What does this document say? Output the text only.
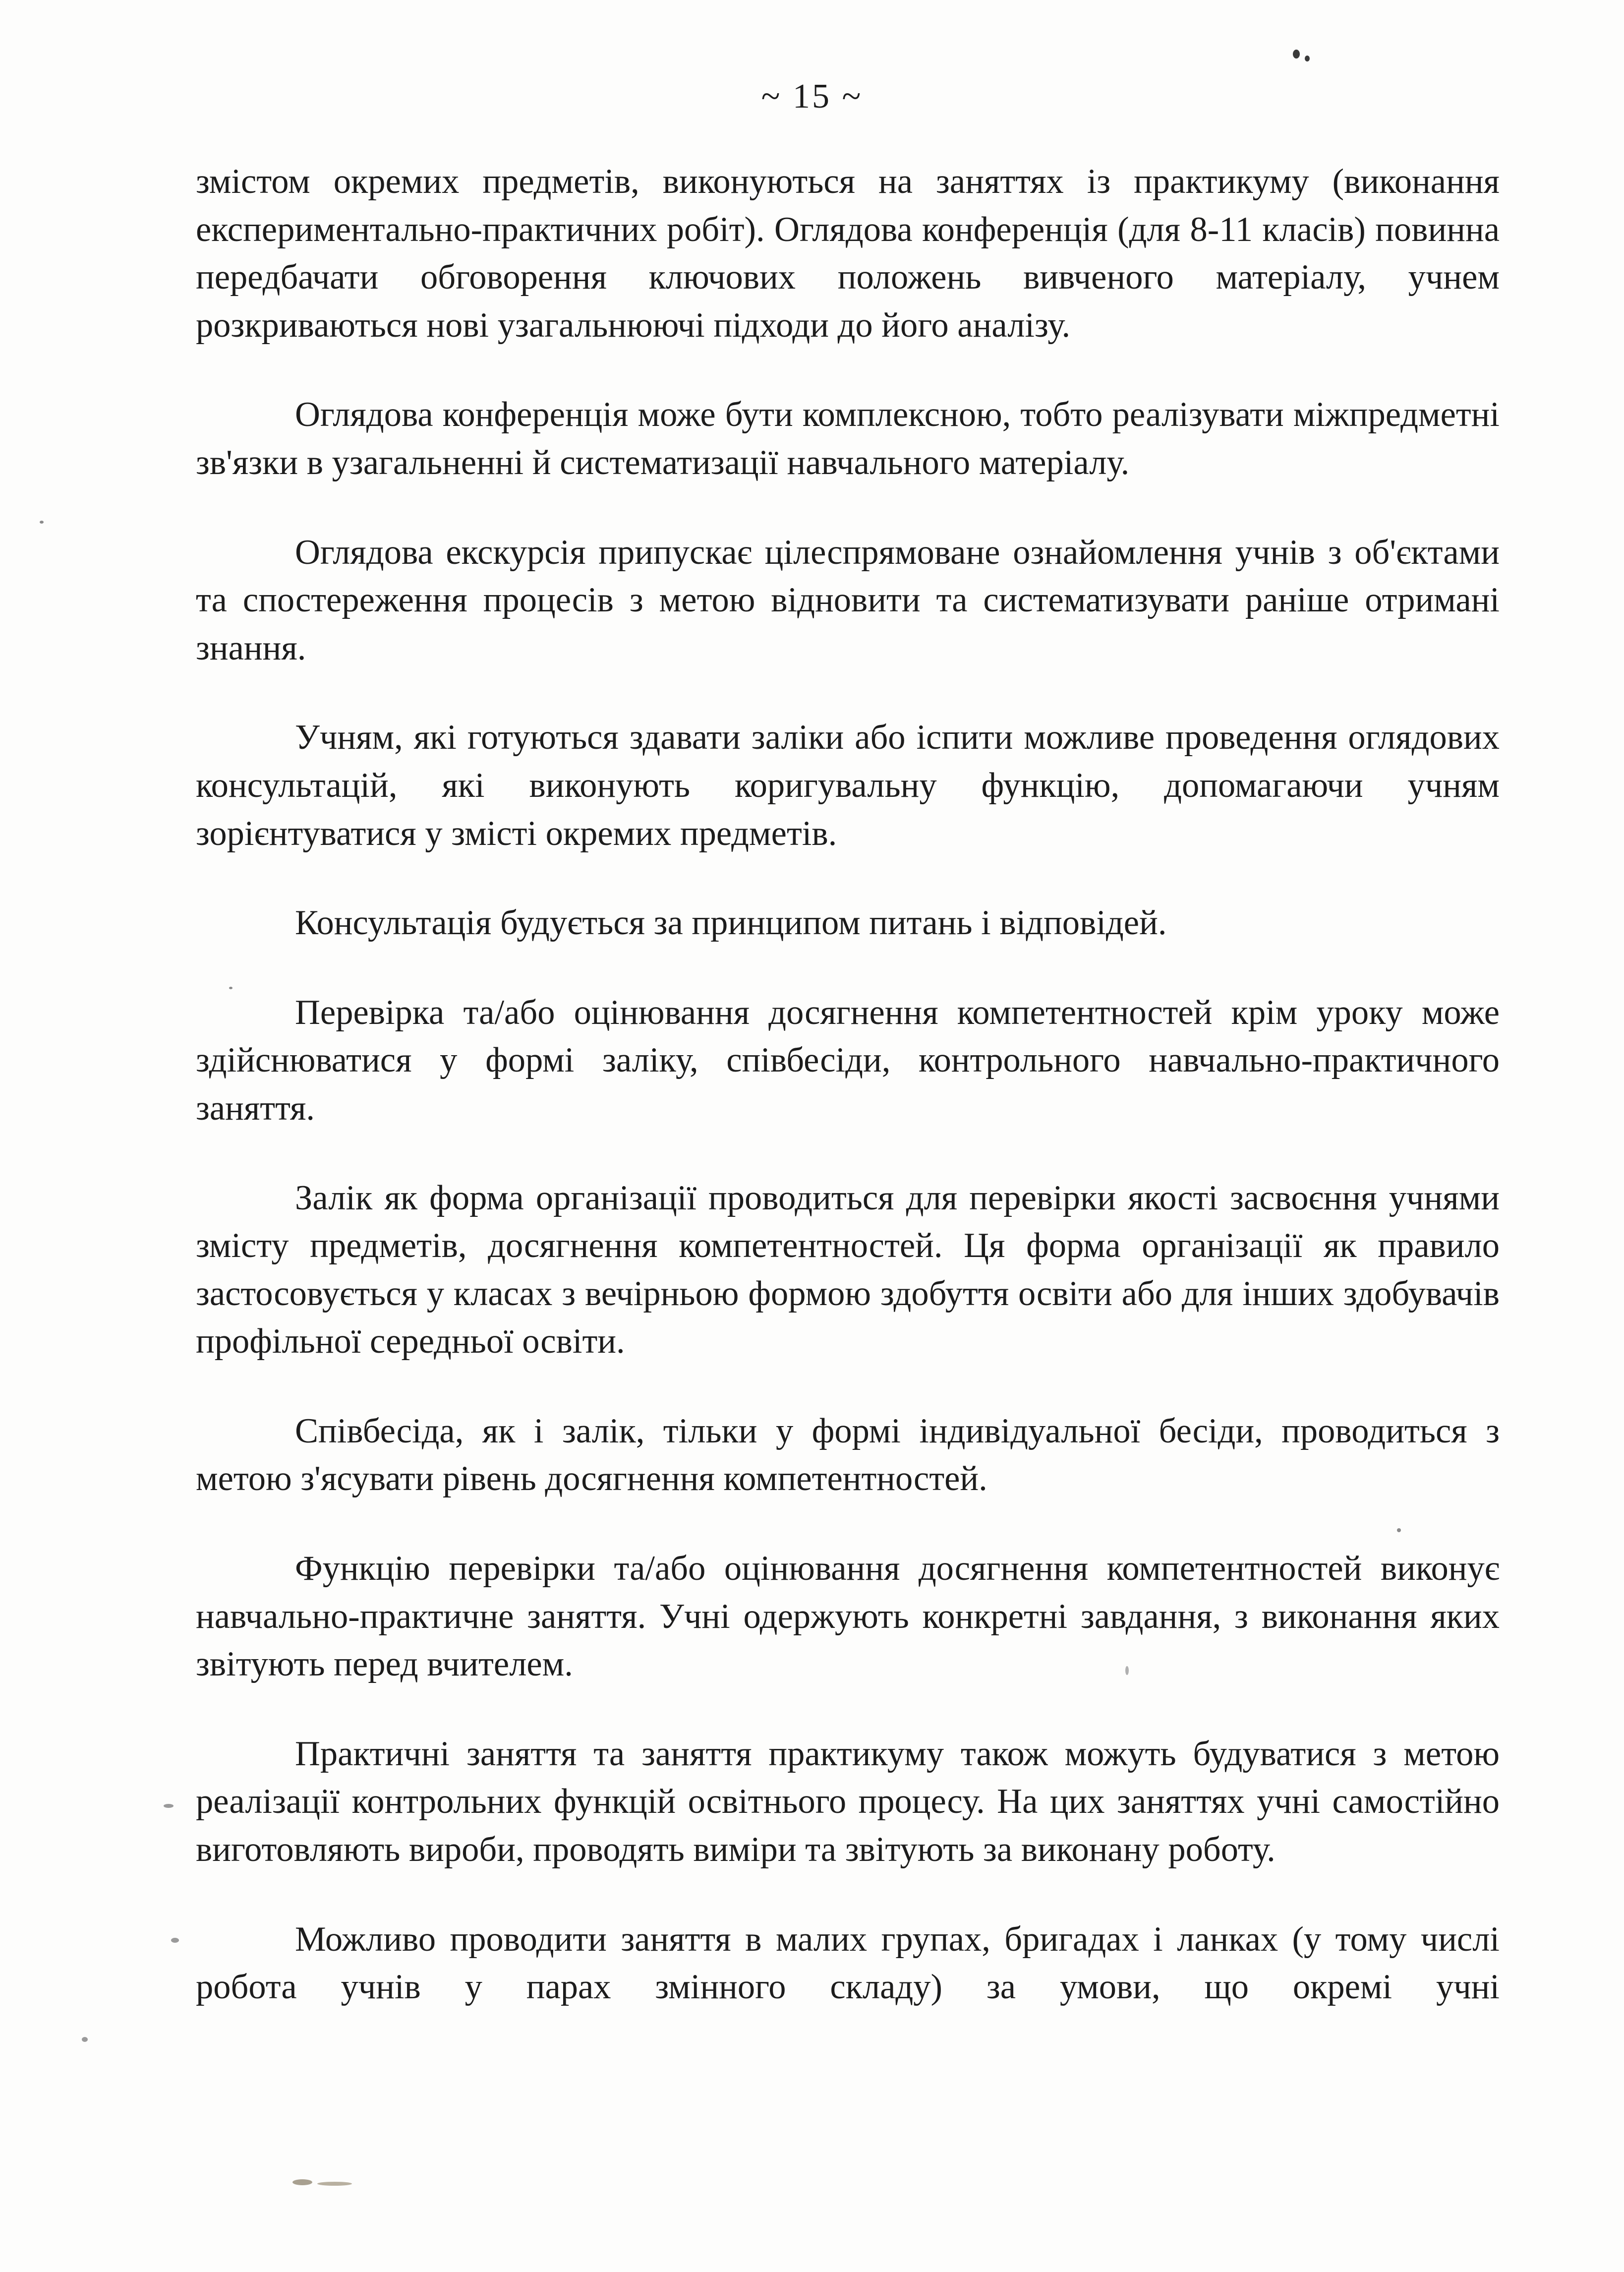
~ 15 ~

змістом окремих предметів, виконуються на заняттях із практикуму (виконання експериментально-практичних робіт). Оглядова конференція (для 8-11 класів) повинна передбачати обговорення ключових положень вивченого матеріалу, учнем розкриваються нові узагальнюючі підходи до його аналізу.

Оглядова конференція може бути комплексною, тобто реалізувати міжпредметні зв'язки в узагальненні й систематизації навчального матеріалу.

Оглядова екскурсія припускає цілеспрямоване ознайомлення учнів з об'єктами та спостереження процесів з метою відновити та систематизувати раніше отримані знання.

Учням, які готуються здавати заліки або іспити можливе проведення оглядових консультацій, які виконують коригувальну функцію, допомагаючи учням зорієнтуватися у змісті окремих предметів.

Консультація будується за принципом питань і відповідей.

Перевірка та/або оцінювання досягнення компетентностей крім уроку може здійснюватися у формі заліку, співбесіди, контрольного навчально-практичного заняття.

Залік як форма організації проводиться для перевірки якості засвоєння учнями змісту предметів, досягнення компетентностей. Ця форма організації як правило застосовується у класах з вечірньою формою здобуття освіти або для інших здобувачів профільної середньої освіти.

Співбесіда, як і залік, тільки у формі індивідуальної бесіди, проводиться з метою з'ясувати рівень досягнення компетентностей.

Функцію перевірки та/або оцінювання досягнення компетентностей виконує навчально-практичне заняття. Учні одержують конкретні завдання, з виконання яких звітують перед вчителем.

Практичні заняття та заняття практикуму також можуть будуватися з метою реалізації контрольних функцій освітнього процесу. На цих заняттях учні самостійно виготовляють вироби, проводять виміри та звітують за виконану роботу.

Можливо проводити заняття в малих групах, бригадах і ланках (у тому числі робота учнів у парах змінного складу) за умови, що окремі учні
